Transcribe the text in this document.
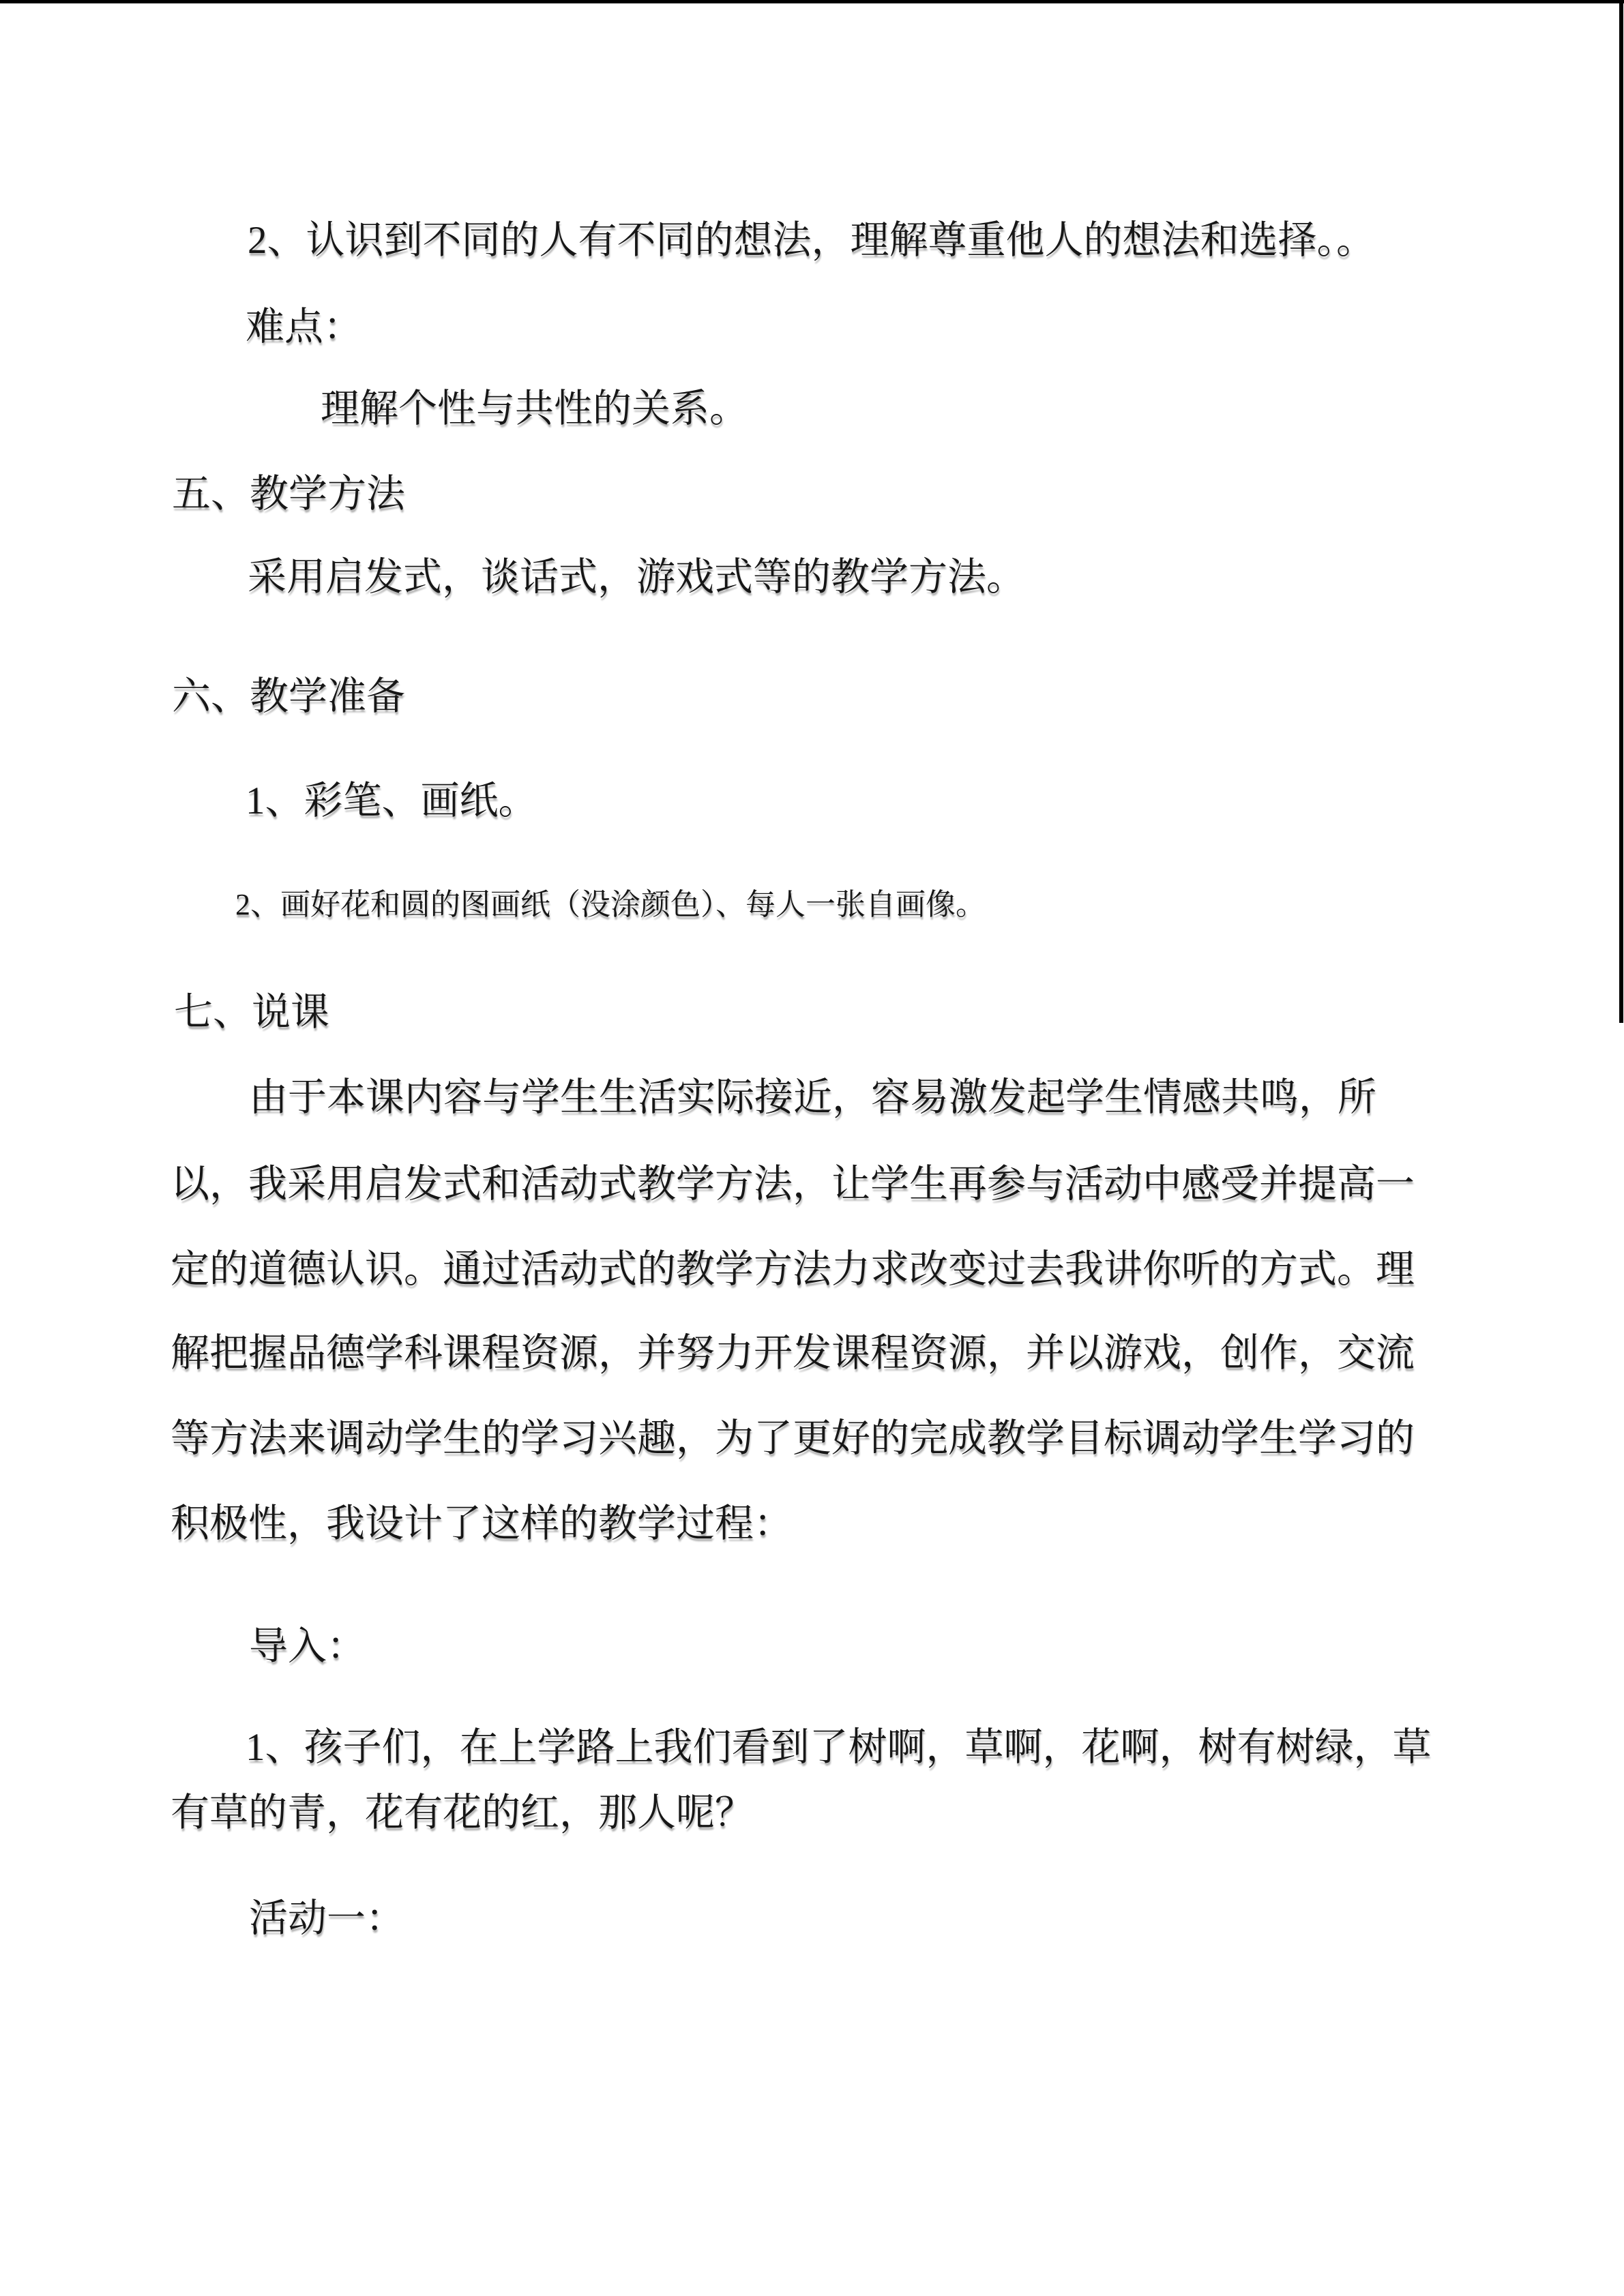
2、认识到不同的人有不同的想法，理解尊重他人的想法和选择。。
难点：
理解个性与共性的关系。
五、教学方法
采用启发式，谈话式，游戏式等的教学方法。
六、教学准备
1、彩笔、画纸。
2、画好花和圆的图画纸（没涂颜色）、每人一张自画像。
七、说课
由于本课内容与学生生活实际接近，容易激发起学生情感共鸣，所
以，我采用启发式和活动式教学方法，让学生再参与活动中感受并提高一
定的道德认识。通过活动式的教学方法力求改变过去我讲你听的方式。理
解把握品德学科课程资源，并努力开发课程资源，并以游戏，创作，交流
等方法来调动学生的学习兴趣，为了更好的完成教学目标调动学生学习的
积极性，我设计了这样的教学过程：
导入：
1、孩子们，在上学路上我们看到了树啊，草啊，花啊，树有树绿，草
有草的青，花有花的红，那人呢？
活动一：
